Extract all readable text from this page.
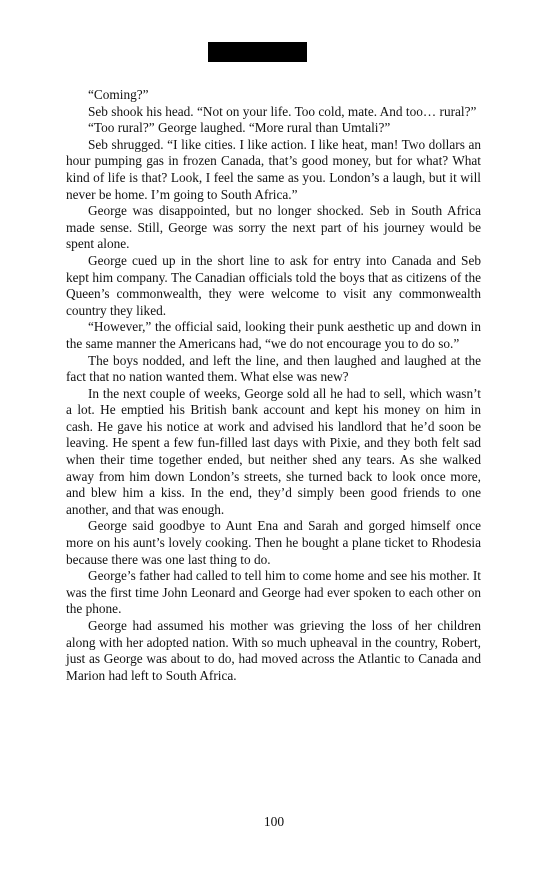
“Coming?”

Seb shook his head. “Not on your life. Too cold, mate. And too… rural?”

“Too rural?” George laughed. “More rural than Umtali?”

Seb shrugged. “I like cities. I like action. I like heat, man! Two dollars an hour pumping gas in frozen Canada, that’s good money, but for what? What kind of life is that? Look, I feel the same as you. London’s a laugh, but it will never be home. I’m going to South Africa.”

George was disappointed, but no longer shocked. Seb in South Africa made sense. Still, George was sorry the next part of his journey would be spent alone.

George cued up in the short line to ask for entry into Canada and Seb kept him company. The Canadian officials told the boys that as citizens of the Queen’s commonwealth, they were welcome to visit any commonwealth country they liked.

“However,” the official said, looking their punk aesthetic up and down in the same manner the Americans had, “we do not encourage you to do so.”

The boys nodded, and left the line, and then laughed and laughed at the fact that no nation wanted them. What else was new?

In the next couple of weeks, George sold all he had to sell, which wasn’t a lot. He emptied his British bank account and kept his money on him in cash. He gave his notice at work and advised his landlord that he’d soon be leaving. He spent a few fun-filled last days with Pixie, and they both felt sad when their time together ended, but neither shed any tears. As she walked away from him down London’s streets, she turned back to look once more, and blew him a kiss. In the end, they’d simply been good friends to one another, and that was enough.

George said goodbye to Aunt Ena and Sarah and gorged himself once more on his aunt’s lovely cooking. Then he bought a plane ticket to Rhodesia because there was one last thing to do.

George’s father had called to tell him to come home and see his mother. It was the first time John Leonard and George had ever spoken to each other on the phone.

George had assumed his mother was grieving the loss of her children along with her adopted nation. With so much upheaval in the country, Robert, just as George was about to do, had moved across the Atlantic to Canada and Marion had left to South Africa.

100
